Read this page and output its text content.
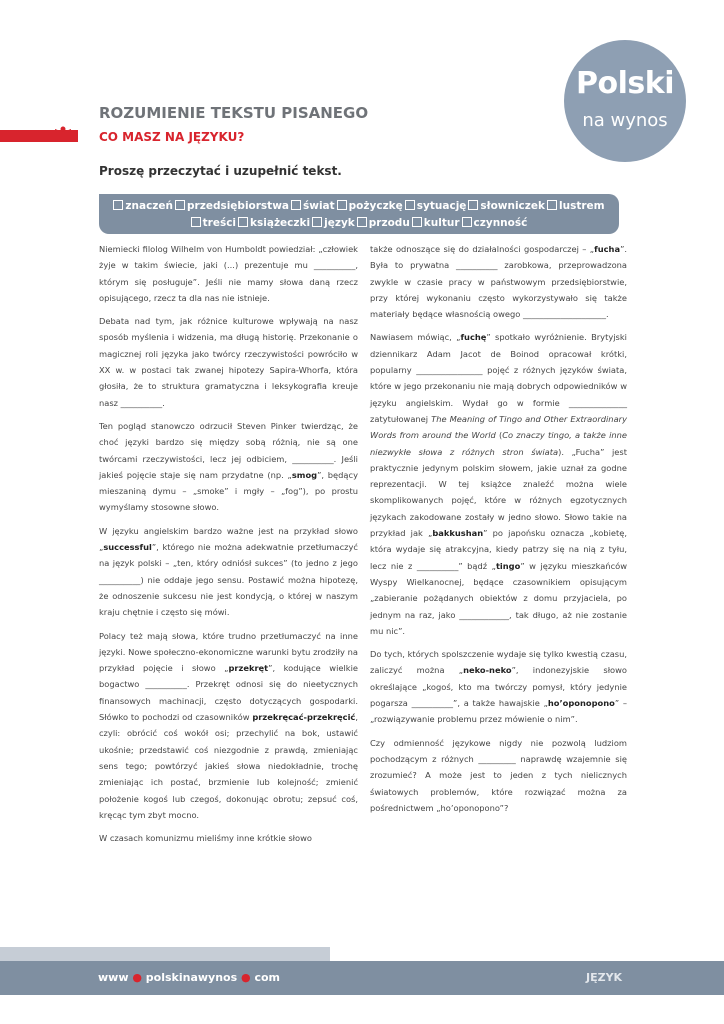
Polski
na wynos
ROZUMIENIE TEKSTU PISANEGO
CO MASZ NA JĘZYKU?
Proszę przeczytać i uzupełnić tekst.
znaczeń przedsiębiorstwa świat pożyczkę sytuację słowniczek lustrem
treści książeczki język przodu kultur czynność

Niemiecki filolog Wilhelm von Humboldt powiedział: „człowiek żyje w takim świecie, jaki (...) prezentuje mu __________, którym się posługuje”. Jeśli nie mamy słowa daną rzecz opisującego, rzecz ta dla nas nie istnieje.

Debata nad tym, jak różnice kulturowe wpływają na nasz sposób myślenia i widzenia, ma długą historię. Przekonanie o magicznej roli języka jako twórcy rzeczywistości powróciło w XX w. w postaci tak zwanej hipotezy Sapira-Whorfa, która głosiła, że to struktura gramatyczna i leksykografia kreuje nasz __________.

Ten pogląd stanowczo odrzucił Steven Pinker twierdząc, że choć języki bardzo się między sobą różnią, nie są one twórcami rzeczywistości, lecz jej odbiciem, __________. Jeśli jakieś pojęcie staje się nam przydatne (np. „smog”, będący mieszaniną dymu – „smoke” i mgły – „fog”), po prostu wymyślamy stosowne słowo.

W języku angielskim bardzo ważne jest na przykład słowo „successful”, którego nie można adekwatnie przetłumaczyć na język polski – „ten, który odniósł sukces” (to jedno z jego __________) nie oddaje jego sensu. Postawić można hipotezę, że odnoszenie sukcesu nie jest kondycją, o której w naszym kraju chętnie i często się mówi.

Polacy też mają słowa, które trudno przetłumaczyć na inne języki. Nowe społeczno-ekonomiczne warunki bytu zrodziły na przykład pojęcie i słowo „przekręt”, kodujące wielkie bogactwo __________. Przekręt odnosi się do nieetycznych finansowych machinacji, często dotyczących gospodarki. Słówko to pochodzi od czasowników przekręcać-przekręcić, czyli: obrócić coś wokół osi; przechylić na bok, ustawić ukośnie; przedstawić coś niezgodnie z prawdą, zmieniając sens tego; powtórzyć jakieś słowa niedokładnie, trochę zmieniając ich postać, brzmienie lub kolejność; zmienić położenie kogoś lub czegoś, dokonując obrotu; zepsuć coś, kręcąc tym zbyt mocno.

W czasach komunizmu mieliśmy inne krótkie słowo

także odnoszące się do działalności gospodarczej – „fucha”. Była to prywatna __________ zarobkowa, przeprowadzona zwykle w czasie pracy w państwowym przedsiębiorstwie, przy której wykonaniu często wykorzystywało się także materiały będące własnością owego ____________________.

Nawiasem mówiąc, „fuchę” spotkało wyróżnienie. Brytyjski dziennikarz Adam Jacot de Boinod opracował krótki, popularny ________________ pojęć z różnych języków świata, które w jego przekonaniu nie mają dobrych odpowiedników w języku angielskim. Wydał go w formie ______________ zatytułowanej The Meaning of Tingo and Other Extraordinary Words from around the World (Co znaczy tingo, a także inne niezwykłe słowa z różnych stron świata). „Fucha” jest praktycznie jedynym polskim słowem, jakie uznał za godne reprezentacji. W tej książce znaleźć można wiele skomplikowanych pojęć, które w różnych egzotycznych językach zakodowane zostały w jedno słowo. Słowo takie na przykład jak „bakkushan” po japońsku oznacza „kobietę, która wydaje się atrakcyjna, kiedy patrzy się na nią z tyłu, lecz nie z __________” bądź „tingo” w języku mieszkańców Wyspy Wielkanocnej, będące czasownikiem opisującym „zabieranie pożądanych obiektów z domu przyjaciela, po jednym na raz, jako ____________, tak długo, aż nie zostanie mu nic”.

Do tych, których spolszczenie wydaje się tylko kwestią czasu, zaliczyć można „neko-neko”, indonezyjskie słowo określające „kogoś, kto ma twórczy pomysł, który jedynie pogarsza __________”, a także hawajskie „ho’oponopono” – „rozwiązywanie problemu przez mówienie o nim”.

Czy odmienność językowe nigdy nie pozwolą ludziom pochodzącym z różnych _________ naprawdę wzajemnie się zrozumieć? A może jest to jeden z tych nielicznych światowych problemów, które rozwiązać można za pośrednictwem „ho’oponopono”?

www ● polskinawynos ● com	JĘZYK
